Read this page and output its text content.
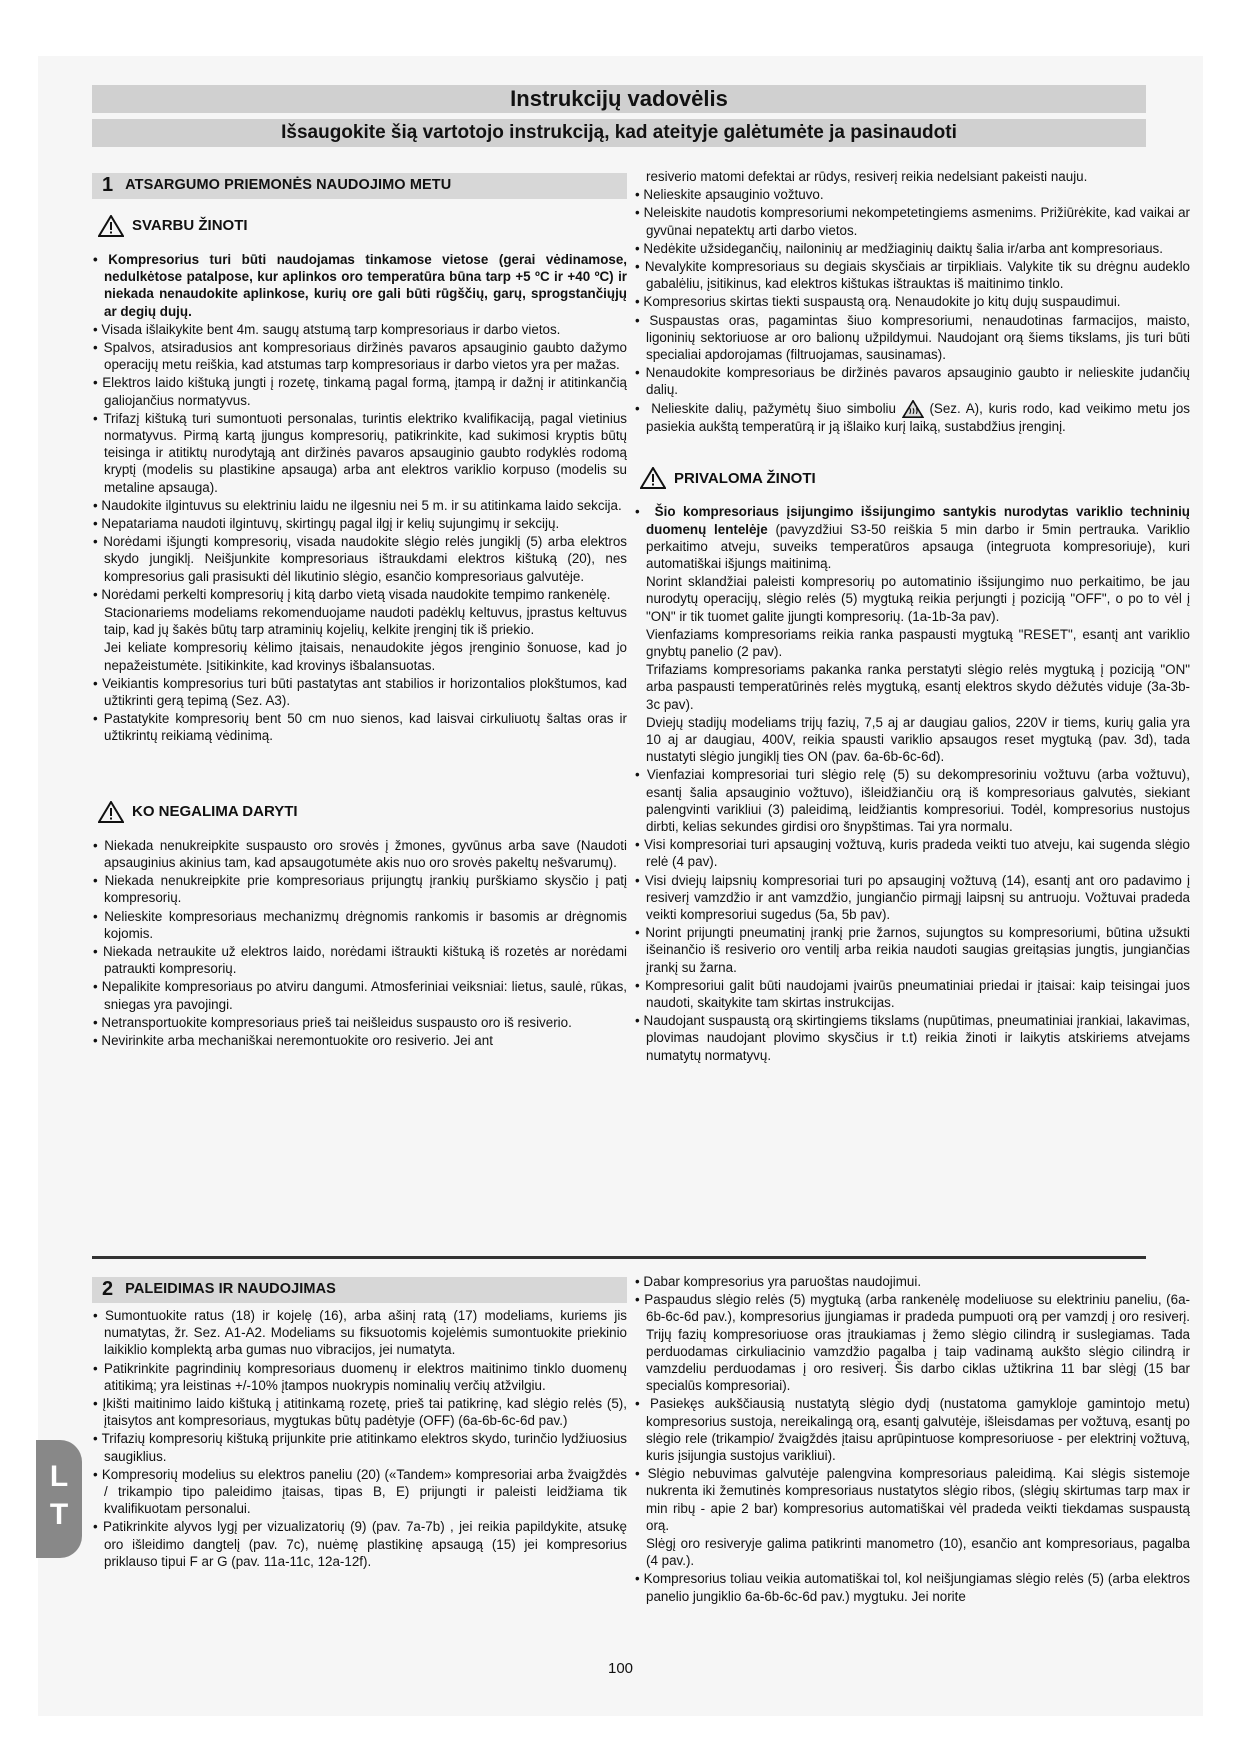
Instrukcijų vadovėlis
Išsaugokite šią vartotojo instrukciją, kad ateityje galėtumėte ja pasinaudoti
1 ATSARGUMO PRIEMONĖS NAUDOJIMO METU
SVARBU ŽINOTI
• Kompresorius turi būti naudojamas tinkamose vietose (gerai vėdinamose, nedulkėtose patalpose, kur aplinkos oro temperatūra būna tarp +5 ºC ir +40 ºC) ir niekada nenaudokite aplinkose, kurių ore gali būti rūgščių, garų, sprogstančiųjų ar degių dujų.
• Visada išlaikykite bent 4m. saugų atstumą tarp kompresoriaus ir darbo vietos.
• Spalvos, atsiradusios ant kompresoriaus diržinės pavaros apsauginio gaubto dažymo operacijų metu reiškia, kad atstumas tarp kompresoriaus ir darbo vietos yra per mažas.
• Elektros laido kištuką jungti į rozetę, tinkamą pagal formą, įtampą ir dažnį ir atitinkančią galiojančius normatyvus.
• Trifazį kištuką turi sumontuoti personalas, turintis elektriko kvalifikaciją, pagal vietinius normatyvus. Pirmą kartą įjungus kompresorių, patikrinkite, kad sukimosi kryptis būtų teisinga ir atitiktų nurodytąją ant diržinės pavaros apsauginio gaubto rodyklės rodomą kryptį (modelis su plastikine apsauga) arba ant elektros variklio korpuso (modelis su metaline apsauga).
• Naudokite ilgintuvus su elektriniu laidu ne ilgesniu nei 5 m. ir su atitinkama laido sekcija.
• Nepatariama naudoti ilgintuvų, skirtingų pagal ilgį ir kelių sujungimų ir sekcijų.
• Norėdami išjungti kompresorių, visada naudokite slėgio relės jungiklį (5) arba elektros skydo jungiklį. Neišjunkite kompresoriaus ištraukdami elektros kištuką (20), nes kompresorius gali prasisukti dėl likutinio slėgio, esančio kompresoriaus galvutėje.
• Norėdami perkelti kompresorių į kitą darbo vietą visada naudokite tempimo rankenėlę.
Stacionariems modeliams rekomenduojame naudoti padėklų keltuvus, įprastus keltuvus taip, kad jų šakės būtų tarp atraminių kojelių, kelkite įrenginį tik iš priekio.
Jei keliate kompresorių kėlimo įtaisais, nenaudokite jėgos įrenginio šonuose, kad jo nepažeistumėte. Įsitikinkite, kad krovinys išbalansuotas.
• Veikiantis kompresorius turi būti pastatytas ant stabilios ir horizontalios plokštumos, kad užtikrinti gerą tepimą (Sez. A3).
• Pastatykite kompresorių bent 50 cm nuo sienos, kad laisvai cirkuliuotų šaltas oras ir užtikrintų reikiamą vėdinimą.
KO NEGALIMA DARYTI
• Niekada nenukreipkite suspausto oro srovės į žmones, gyvūnus arba save (Naudoti apsauginius akinius tam, kad apsaugotumėte akis nuo oro srovės pakeltų nešvarumų).
• Niekada nenukreipkite prie kompresoriaus prijungtų įrankių purškiamo skysčio į patį kompresorių.
• Nelieskite kompresoriaus mechanizmų drėgnomis rankomis ir basomis ar drėgnomis kojomis.
• Niekada netraukite už elektros laido, norėdami ištraukti kištuką iš rozetės ar norėdami patraukti kompresorių.
• Nepalikite kompresoriaus po atviru dangumi. Atmosferiniai veiksniai: lietus, saulė, rūkas, sniegas yra pavojingi.
• Netransportuokite kompresoriaus prieš tai neišleidus suspausto oro iš resiverio.
• Nevirinkite arba mechaniškai neremontuokite oro resiverio. Jei ant
resiverio matomi defektai ar rūdys, resiverį reikia nedelsiant pakeisti nauju.
• Nelieskite apsauginio vožtuvo.
• Neleiskite naudotis kompresoriumi nekompetetingiems asmenims. Prižiūrėkite, kad vaikai ar gyvūnai nepatektų arti darbo vietos.
• Nedėkite užsidegančių, nailoninių ar medžiaginių daiktų šalia ir/arba ant kompresoriaus.
• Nevalykite kompresoriaus su degiais skysčiais ar tirpikliais. Valykite tik su drėgnu audeklo gabalėliu, įsitikinus, kad elektros kištukas ištrauktas iš maitinimo tinklo.
• Kompresorius skirtas tiekti suspaustą orą. Nenaudokite jo kitų dujų suspaudimui.
• Suspaustas oras, pagamintas šiuo kompresoriumi, nenaudotinas farmacijos, maisto, ligoninių sektoriuose ar oro balionų užpildymui. Naudojant orą šiems tikslams, jis turi būti specialiai apdorojamas (filtruojamas, sausinamas).
• Nenaudokite kompresoriaus be diržinės pavaros apsauginio gaubto ir nelieskite judančių dalių.
• Nelieskite dalių, pažymėtų šiuo simboliu	(Sez. A), kuris rodo, kad veikimo metu jos pasiekia aukštą temperatūrą ir ją išlaiko kurį laiką, sustabdžius įrenginį.
PRIVALOMA ŽINOTI
• Šio kompresoriaus įsijungimo išsijungimo santykis nurodytas variklio techninių duomenų lentelėje (pavyzdžiui S3-50 reiškia 5 min darbo ir 5min pertrauka. Variklio perkaitimo atveju, suveiks temperatūros apsauga (integruota kompresoriuje), kuri automatiškai išjungs maitinimą.
Norint sklandžiai paleisti kompresorių po automatinio išsijungimo nuo perkaitimo, be jau nurodytų operacijų, slėgio relės (5) mygtuką reikia perjungti į poziciją "OFF", o po to vėl į "ON" ir tik tuomet galite įjungti kompresorių. (1a-1b-3a pav).
Vienfaziams kompresoriams reikia ranka paspausti mygtuką "RESET", esantį ant variklio gnybtų panelio (2 pav).
Trifaziams kompresoriams pakanka ranka perstatyti slėgio relės mygtuką į poziciją "ON" arba paspausti temperatūrinės relės mygtuką, esantį elektros skydo dėžutės viduje (3a-3b-3c pav).
Dviejų stadijų modeliams trijų fazių, 7,5 aj ar daugiau galios, 220V ir tiems, kurių galia yra 10 aj ar daugiau, 400V, reikia spausti variklio apsaugos reset mygtuką (pav. 3d), tada nustatyti slėgio jungiklį ties ON (pav. 6a-6b-6c-6d).
• Vienfaziai kompresoriai turi slėgio relę (5) su dekompresoriniu vožtuvu (arba vožtuvu), esantį šalia apsauginio vožtuvo), išleidžiančiu orą iš kompresoriaus galvutės, siekiant palengvinti varikliui (3) paleidimą, leidžiantis kompresoriui. Todėl, kompresorius nustojus dirbti, kelias sekundes girdisi oro šnypštimas. Tai yra normalu.
• Visi kompresoriai turi apsauginį vožtuvą, kuris pradeda veikti tuo atveju, kai sugenda slėgio relė (4 pav).
• Visi dviejų laipsnių kompresoriai turi po apsauginį vožtuvą (14), esantį ant oro padavimo į resiverį vamzdžio ir ant vamzdžio, jungiančio pirmąjį laipsnį su antruoju. Vožtuvai pradeda veikti kompresoriui sugedus (5a, 5b pav).
• Norint prijungti pneumatinį įrankį prie žarnos, sujungtos su kompresoriumi, būtina užsukti išeinančio iš resiverio oro ventilį arba reikia naudoti saugias greitąsias jungtis, jungiančias įrankį su žarna.
• Kompresoriui galit būti naudojami įvairūs pneumatiniai priedai ir įtaisai: kaip teisingai juos naudoti, skaitykite tam skirtas instrukcijas.
• Naudojant suspaustą orą skirtingiems tikslams (nupūtimas, pneumatiniai įrankiai, lakavimas, plovimas naudojant plovimo skysčius ir t.t) reikia žinoti ir laikytis atskiriems atvejams numatytų normatyvų.
2 PALEIDIMAS IR NAUDOJIMAS
• Sumontuokite ratus (18) ir kojelę (16), arba ašinį ratą (17) modeliams, kuriems jis numatytas, žr. Sez. A1-A2. Modeliams su fiksuotomis kojelėmis sumontuokite priekinio laikiklio komplektą arba gumas nuo vibracijos, jei numatyta.
• Patikrinkite pagrindinių kompresoriaus duomenų ir elektros maitinimo tinklo duomenų atitikimą; yra leistinas +/-10% įtampos nuokrypis nominalių verčių atžvilgiu.
• Įkišti maitinimo laido kištuką į atitinkamą rozetę, prieš tai patikrinę, kad slėgio relės (5), įtaisytos ant kompresoriaus, mygtukas būtų padėtyje (OFF) (6a-6b-6c-6d pav.)
• Trifazių kompresorių kištuką prijunkite prie atitinkamo elektros skydo, turinčio lydžiuosius saugiklius.
• Kompresorių modelius su elektros paneliu (20) («Tandem» kompresoriai arba žvaigždės / trikampio tipo paleidimo įtaisas, tipas B, E) prijungti ir paleisti leidžiama tik kvalifikuotam personalui.
• Patikrinkite alyvos lygį per vizualizatorių (9) (pav. 7a-7b) , jei reikia papildykite, atsukę oro išleidimo dangtelį (pav. 7c), nuėmę plastikinę apsaugą (15) jei kompresorius priklauso tipui F ar G (pav. 11a-11c, 12a-12f).
• Dabar kompresorius yra paruoštas naudojimui.
• Paspaudus slėgio relės (5) mygtuką (arba rankenėlę modeliuose su elektriniu paneliu, (6a-6b-6c-6d pav.), kompresorius įjungiamas ir pradeda pumpuoti orą per vamzdį į oro resiverį. Trijų fazių kompresoriuose oras įtraukiamas į žemo slėgio cilindrą ir suslegiamas. Tada perduodamas cirkuliacinio vamzdžio pagalba į taip vadinamą aukšto slėgio cilindrą ir vamzdeliu perduodamas į oro resiverį. Šis darbo ciklas užtikrina 11 bar slėgį (15 bar specialūs kompresoriai).
• Pasiekęs aukščiausią nustatytą slėgio dydį (nustatoma gamykloje gamintojo metu) kompresorius sustoja, nereikalingą orą, esantį galvutėje, išleisdamas per vožtuvą, esantį po slėgio rele (trikampio/ žvaigždės įtaisu aprūpintuose kompresoriuose - per elektrinį vožtuvą, kuris įsijungia sustojus varikliui).
• Slėgio nebuvimas galvutėje palengvina kompresoriaus paleidimą. Kai slėgis sistemoje nukrenta iki žemutinės kompresoriaus nustatytos slėgio ribos, (slėgių skirtumas tarp max ir min ribų - apie 2 bar) kompresorius automatiškai vėl pradeda veikti tiekdamas suspaustą orą.
Slėgį oro resiveryje galima patikrinti manometro (10), esančio ant kompresoriaus, pagalba (4 pav.).
• Kompresorius toliau veikia automatiškai tol, kol neišjungiamas slėgio relės (5) (arba elektros panelio jungiklio 6a-6b-6c-6d pav.) mygtuku. Jei norite
L
T
100
